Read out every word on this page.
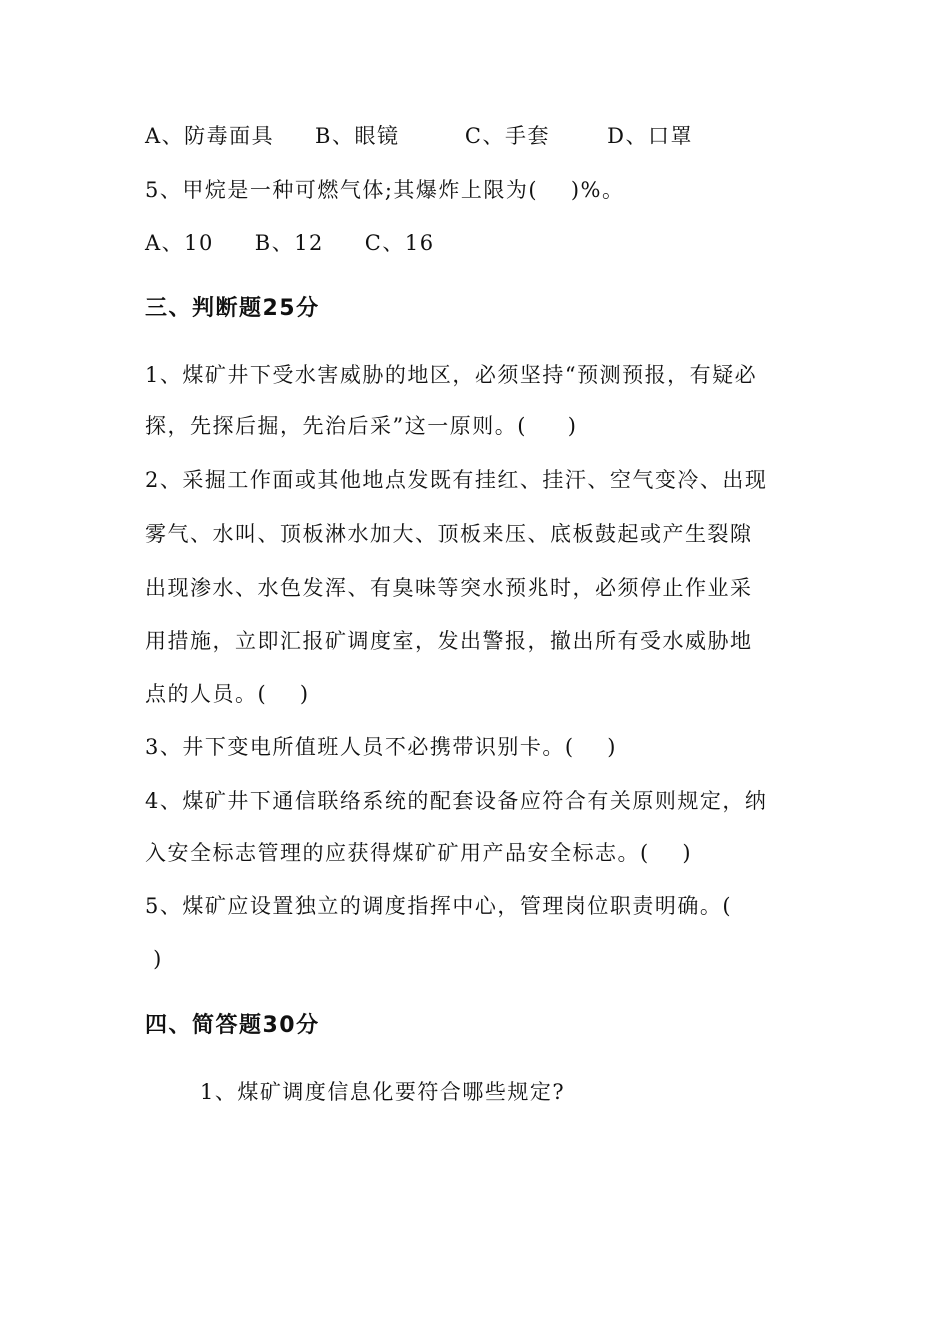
A、防毒面具     B、眼镜        C、手套       D、口罩
5、甲烷是一种可燃气体;其爆炸上限为(    )%。
A、10     B、12     C、16
三、判断题25分
1、煤矿井下受水害威胁的地区，必须坚持“预测预报，有疑必
探，先探后掘，先治后采”这一原则。(     )
2、采掘工作面或其他地点发既有挂红、挂汗、空气变冷、出现
雾气、水叫、顶板淋水加大、顶板来压、底板鼓起或产生裂隙
出现渗水、水色发浑、有臭味等突水预兆时，必须停止作业采
用措施，立即汇报矿调度室，发出警报，撤出所有受水威胁地
点的人员。(    )
3、井下变电所值班人员不必携带识别卡。(    )
4、煤矿井下通信联络系统的配套设备应符合有关原则规定，纳
入安全标志管理的应获得煤矿矿用产品安全标志。(    )
5、煤矿应设置独立的调度指挥中心，管理岗位职责明确。(
)
四、简答题30分
1、煤矿调度信息化要符合哪些规定?
